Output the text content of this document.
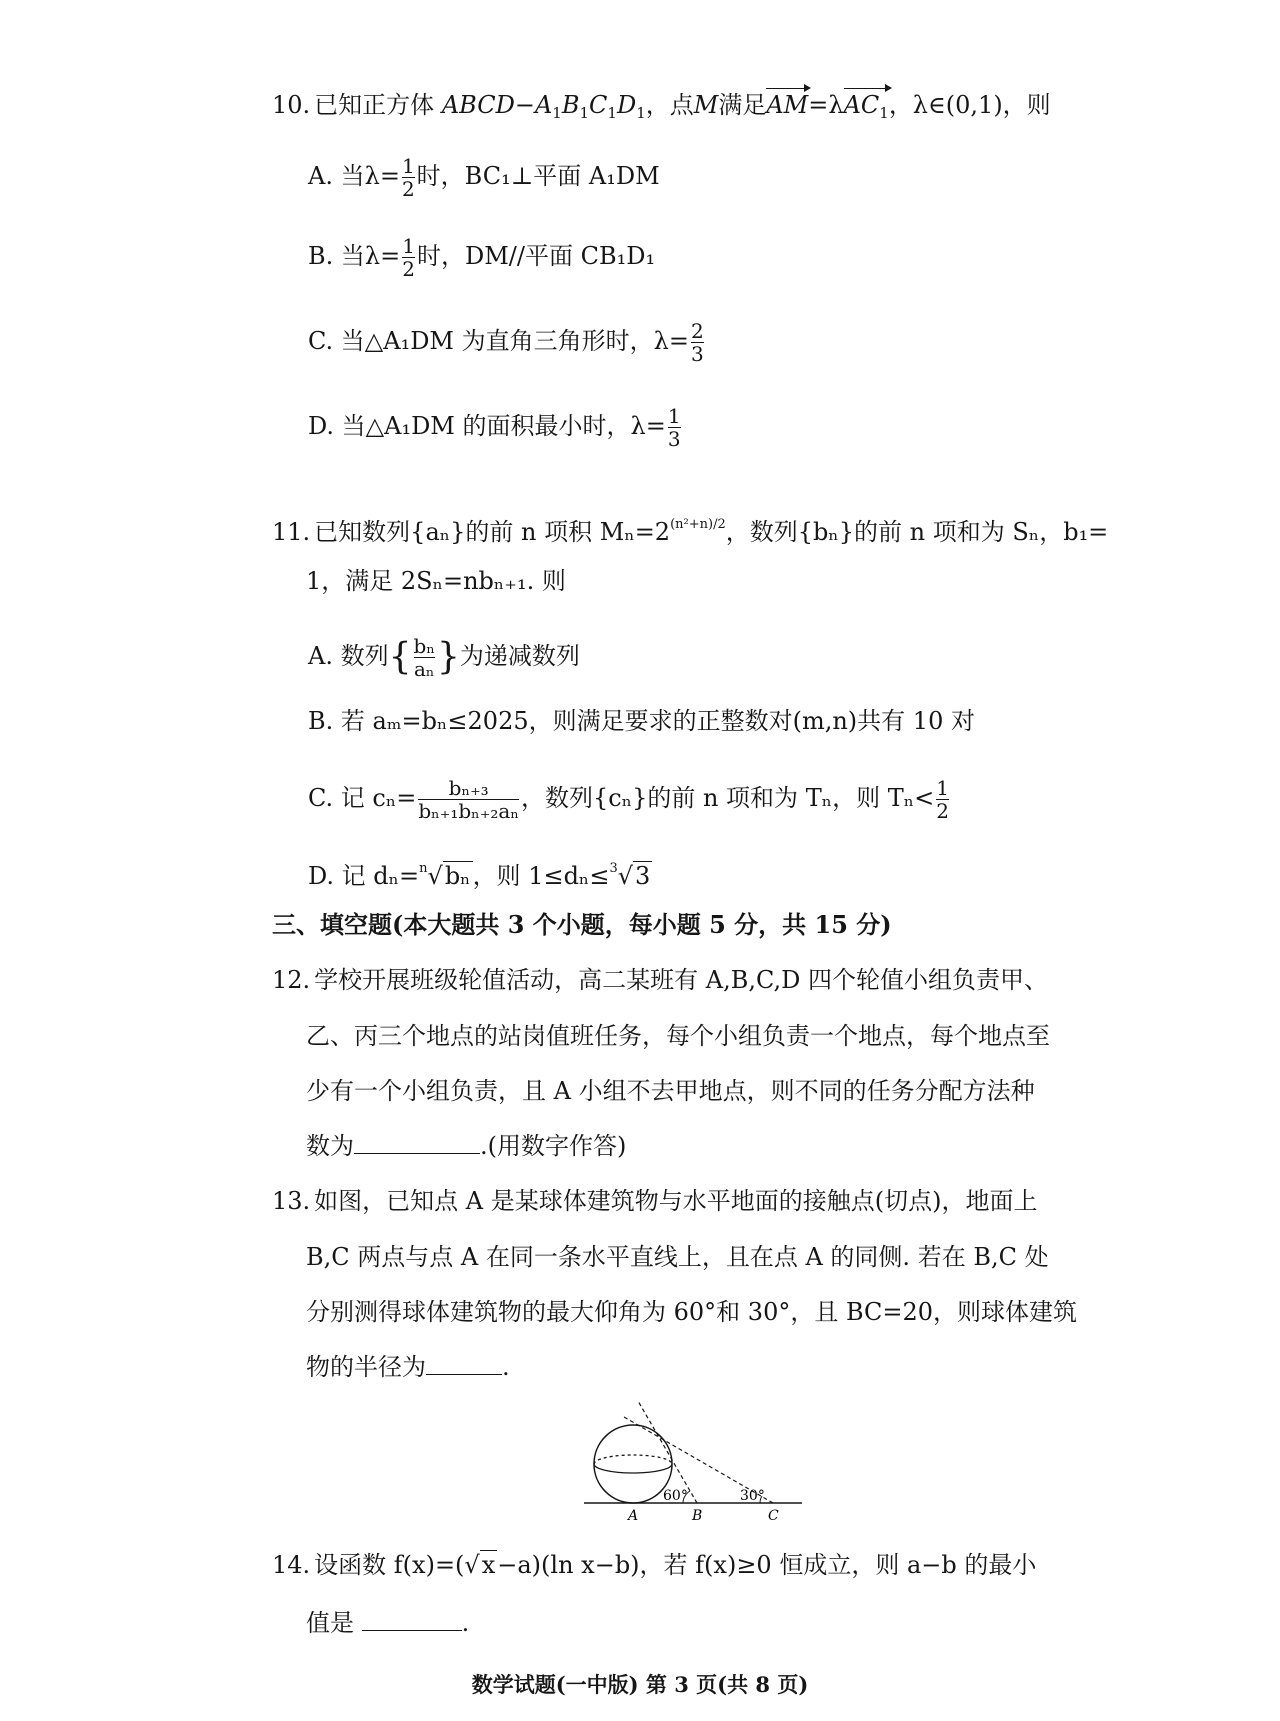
10. 已知正方体 $ABCD-A_1B_1C_1D_1$，点M满足AM=λAC$_1$，λ∈(0,1)，则
A. 当$\lambda= \frac{1}{2}$ 时，BC₁⊥平面 A₁DM
B. 当$\lambda= \frac{1}{2}$ 时，DM//平面 CB₁D₁
C. 当△A₁DM 为直角三角形时，$\lambda= \frac{2}{3}$
D. 当△A₁DM 的面积最小时，$\lambda= \frac{1}{3}$
11. 已知数列{aₙ}的前 n 项积 $M_n=2^{(n^2+n)/2}$，数列{bₙ}的前 n 项和为 Sₙ，b₁=
1，满足 2Sₙ=nbₙ₊₁. 则
A. 数列{ $\frac{\text{bₙ}}{\text{aₙ}}$ }为递减数列
B. 若 aₘ=bₙ≤2025，则满足要求的正整数对(m,n)共有 10 对
C. 记 $c_n= \frac{\text{bₙ₊₃}}{\text{bₙ₊₁bₙ₊₂aₙ}}$ ，数列{cₙ}的前 n 项和为 Tₙ，则 $T_n< \frac{1}{2}$
D. 记 dₙ=$^n$√bₙ，则 1≤dₙ≤$^3$√3
三、填空题(本大题共 3 个小题，每小题 5 分，共 15 分)
12. 学校开展班级轮值活动，高二某班有 A,B,C,D 四个轮值小组负责甲、
乙、丙三个地点的站岗值班任务，每个小组负责一个地点，每个地点至
少有一个小组负责，且 A 小组不去甲地点，则不同的任务分配方法种
数为	.(用数字作答)
13. 如图，已知点 A 是某球体建筑物与水平地面的接触点(切点)，地面上
B,C 两点与点 A 在同一条水平直线上，且在点 A 的同侧. 若在 B,C 处
分别测得球体建筑物的最大仰角为 60°和 30°，且 BC=20，则球体建筑
物的半径为	.
60°	30°
A	B	C
14. 设函数 f(x)=(√x−a)(ln x−b)，若 f(x)≥0 恒成立，则 a−b 的最小
值是	.
数学试题(一中版) 第 3 页(共 8 页)
